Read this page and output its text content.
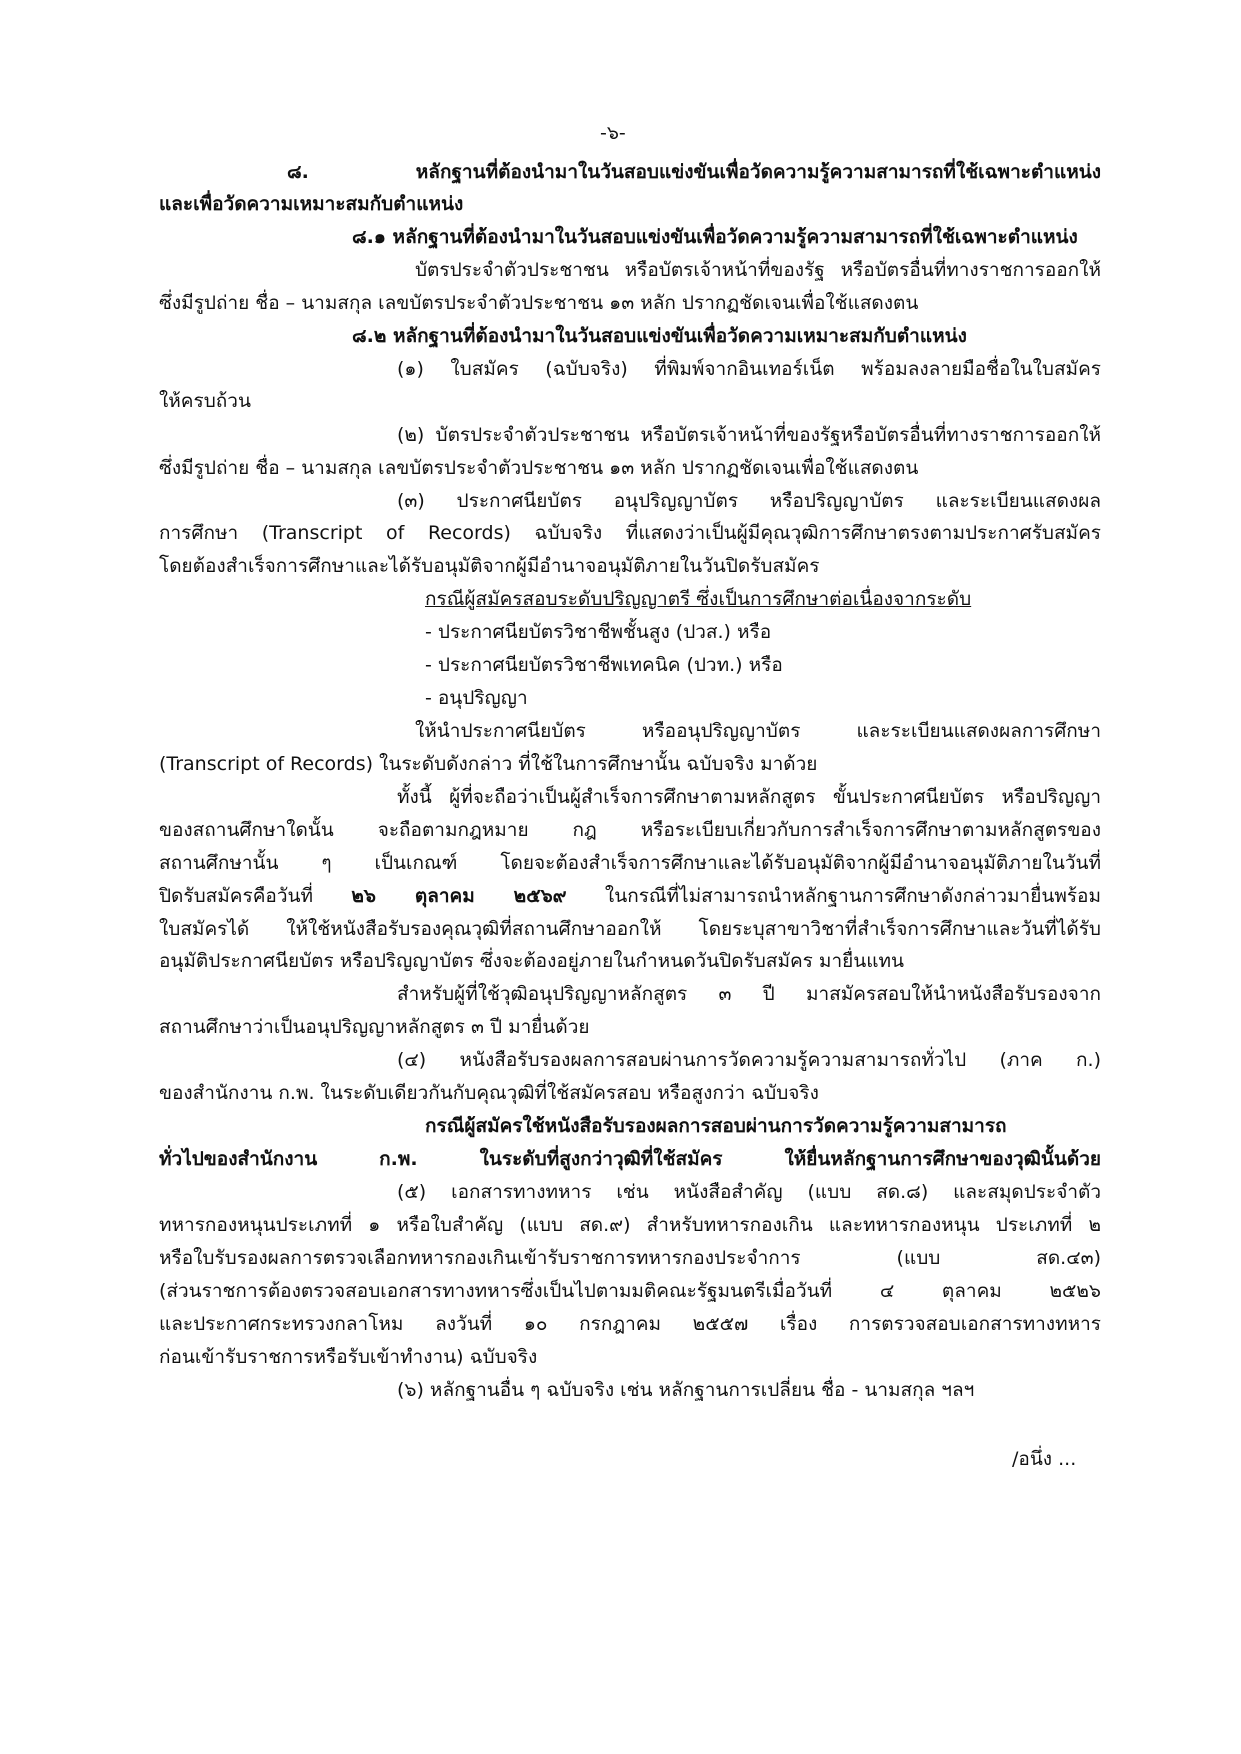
-๖-
๘. หลักฐานที่ต้องนำมาในวันสอบแข่งขันเพื่อวัดความรู้ความสามารถที่ใช้เฉพาะตำแหน่ง
และเพื่อวัดความเหมาะสมกับตำแหน่ง
๘.๑ หลักฐานที่ต้องนำมาในวันสอบแข่งขันเพื่อวัดความรู้ความสามารถที่ใช้เฉพาะตำแหน่ง
บัตรประจำตัวประชาชน หรือบัตรเจ้าหน้าที่ของรัฐ หรือบัตรอื่นที่ทางราชการออกให้
ซึ่งมีรูปถ่าย ชื่อ – นามสกุล เลขบัตรประจำตัวประชาชน ๑๓ หลัก ปรากฏชัดเจนเพื่อใช้แสดงตน
๘.๒ หลักฐานที่ต้องนำมาในวันสอบแข่งขันเพื่อวัดความเหมาะสมกับตำแหน่ง
(๑) ใบสมัคร (ฉบับจริง) ที่พิมพ์จากอินเทอร์เน็ต พร้อมลงลายมือชื่อในใบสมัคร
ให้ครบถ้วน
(๒) บัตรประจำตัวประชาชน หรือบัตรเจ้าหน้าที่ของรัฐหรือบัตรอื่นที่ทางราชการออกให้
ซึ่งมีรูปถ่าย ชื่อ – นามสกุล เลขบัตรประจำตัวประชาชน ๑๓ หลัก ปรากฏชัดเจนเพื่อใช้แสดงตน
(๓) ประกาศนียบัตร อนุปริญญาบัตร หรือปริญญาบัตร และระเบียนแสดงผล
การศึกษา (Transcript of Records) ฉบับจริง ที่แสดงว่าเป็นผู้มีคุณวุฒิการศึกษาตรงตามประกาศรับสมัคร
โดยต้องสำเร็จการศึกษาและได้รับอนุมัติจากผู้มีอำนาจอนุมัติภายในวันปิดรับสมัคร
กรณีผู้สมัครสอบระดับปริญญาตรี ซึ่งเป็นการศึกษาต่อเนื่องจากระดับ
- ประกาศนียบัตรวิชาชีพชั้นสูง (ปวส.) หรือ
- ประกาศนียบัตรวิชาชีพเทคนิค (ปวท.) หรือ
- อนุปริญญา
ให้นำประกาศนียบัตร หรืออนุปริญญาบัตร และระเบียนแสดงผลการศึกษา
(Transcript of Records) ในระดับดังกล่าว ที่ใช้ในการศึกษานั้น ฉบับจริง มาด้วย
ทั้งนี้ ผู้ที่จะถือว่าเป็นผู้สำเร็จการศึกษาตามหลักสูตร ขั้นประกาศนียบัตร หรือปริญญา
ของสถานศึกษาใดนั้น จะถือตามกฎหมาย กฎ หรือระเบียบเกี่ยวกับการสำเร็จการศึกษาตามหลักสูตรของ
สถานศึกษานั้น ๆ เป็นเกณฑ์ โดยจะต้องสำเร็จการศึกษาและได้รับอนุมัติจากผู้มีอำนาจอนุมัติภายในวันที่
ปิดรับสมัครคือวันที่ ๒๖ ตุลาคม ๒๕๖๙ ในกรณีที่ไม่สามารถนำหลักฐานการศึกษาดังกล่าวมายื่นพร้อม
ใบสมัครได้ ให้ใช้หนังสือรับรองคุณวุฒิที่สถานศึกษาออกให้ โดยระบุสาขาวิชาที่สำเร็จการศึกษาและวันที่ได้รับ
อนุมัติประกาศนียบัตร หรือปริญญาบัตร ซึ่งจะต้องอยู่ภายในกำหนดวันปิดรับสมัคร มายื่นแทน
สำหรับผู้ที่ใช้วุฒิอนุปริญญาหลักสูตร ๓ ปี มาสมัครสอบให้นำหนังสือรับรองจาก
สถานศึกษาว่าเป็นอนุปริญญาหลักสูตร ๓ ปี มายื่นด้วย
(๔) หนังสือรับรองผลการสอบผ่านการวัดความรู้ความสามารถทั่วไป (ภาค ก.)
ของสำนักงาน ก.พ. ในระดับเดียวกันกับคุณวุฒิที่ใช้สมัครสอบ หรือสูงกว่า ฉบับจริง
กรณีผู้สมัครใช้หนังสือรับรองผลการสอบผ่านการวัดความรู้ความสามารถ
ทั่วไปของสำนักงาน ก.พ. ในระดับที่สูงกว่าวุฒิที่ใช้สมัคร ให้ยื่นหลักฐานการศึกษาของวุฒินั้นด้วย
(๕) เอกสารทางทหาร เช่น หนังสือสำคัญ (แบบ สด.๘) และสมุดประจำตัว
ทหารกองหนุนประเภทที่ ๑ หรือใบสำคัญ (แบบ สด.๙) สำหรับทหารกองเกิน และทหารกองหนุน ประเภทที่ ๒
หรือใบรับรองผลการตรวจเลือกทหารกองเกินเข้ารับราชการทหารกองประจำการ (แบบ สด.๔๓)
(ส่วนราชการต้องตรวจสอบเอกสารทางทหารซึ่งเป็นไปตามมติคณะรัฐมนตรีเมื่อวันที่ ๔ ตุลาคม ๒๕๒๖
และประกาศกระทรวงกลาโหม ลงวันที่ ๑๐ กรกฎาคม ๒๕๕๗ เรื่อง การตรวจสอบเอกสารทางทหาร
ก่อนเข้ารับราชการหรือรับเข้าทำงาน) ฉบับจริง
(๖) หลักฐานอื่น ๆ ฉบับจริง เช่น หลักฐานการเปลี่ยน ชื่อ - นามสกุล ฯลฯ
/อนึ่ง ...
